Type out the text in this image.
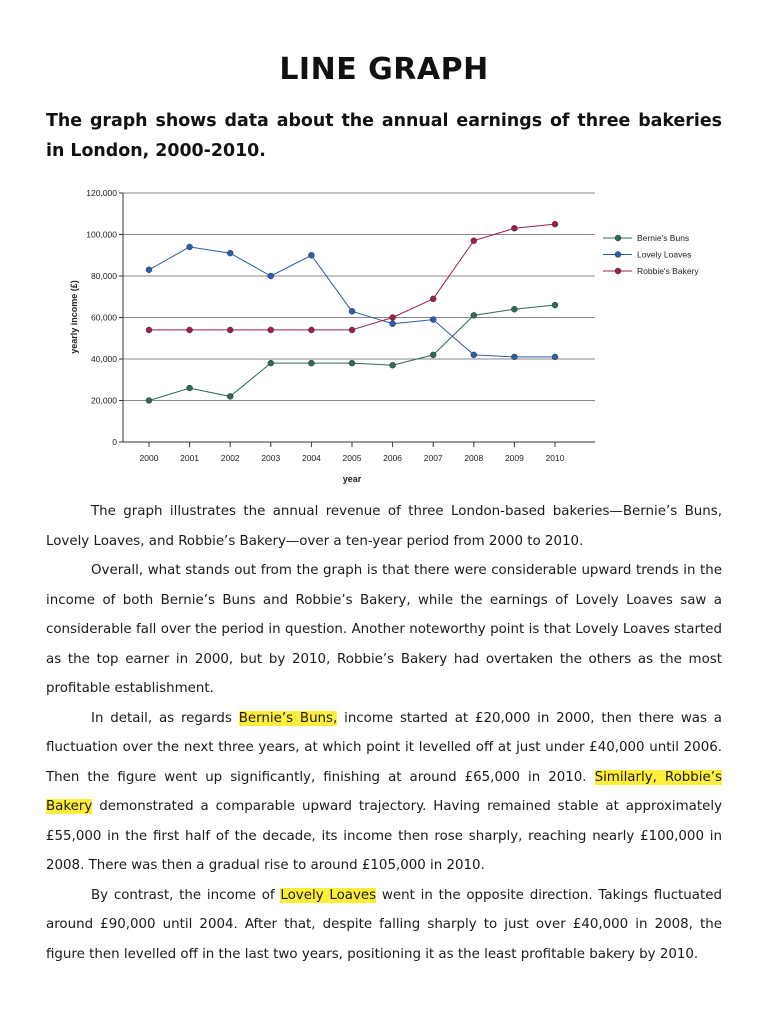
LINE GRAPH
The graph shows data about the annual earnings of three bakeries in London, 2000-2010.
0
20,000
40,000
60,000
80,000
100,000
120,000
2000	2001	2002	2003	2004	2005	2006	2007	2008	2009	2010
yearly income (£)
year
Bernie's Buns
Lovely Loaves
Robbie's Bakery

The graph illustrates the annual revenue of three London-based bakeries—Bernie’s Buns, Lovely Loaves, and Robbie’s Bakery—over a ten-year period from 2000 to 2010.

Overall, what stands out from the graph is that there were considerable upward trends in the income of both Bernie’s Buns and Robbie’s Bakery, while the earnings of Lovely Loaves saw a considerable fall over the period in question. Another noteworthy point is that Lovely Loaves started as the top earner in 2000, but by 2010, Robbie’s Bakery had overtaken the others as the most profitable establishment.

In detail, as regards Bernie’s Buns, income started at £20,000 in 2000, then there was a fluctuation over the next three years, at which point it levelled off at just under £40,000 until 2006. Then the figure went up significantly, finishing at around £65,000 in 2010. Similarly, Robbie’s Bakery demonstrated a comparable upward trajectory. Having remained stable at approximately £55,000 in the first half of the decade, its income then rose sharply, reaching nearly £100,000 in 2008. There was then a gradual rise to around £105,000 in 2010.

By contrast, the income of Lovely Loaves went in the opposite direction. Takings fluctuated around £90,000 until 2004. After that, despite falling sharply to just over £40,000 in 2008, the figure then levelled off in the last two years, positioning it as the least profitable bakery by 2010.
